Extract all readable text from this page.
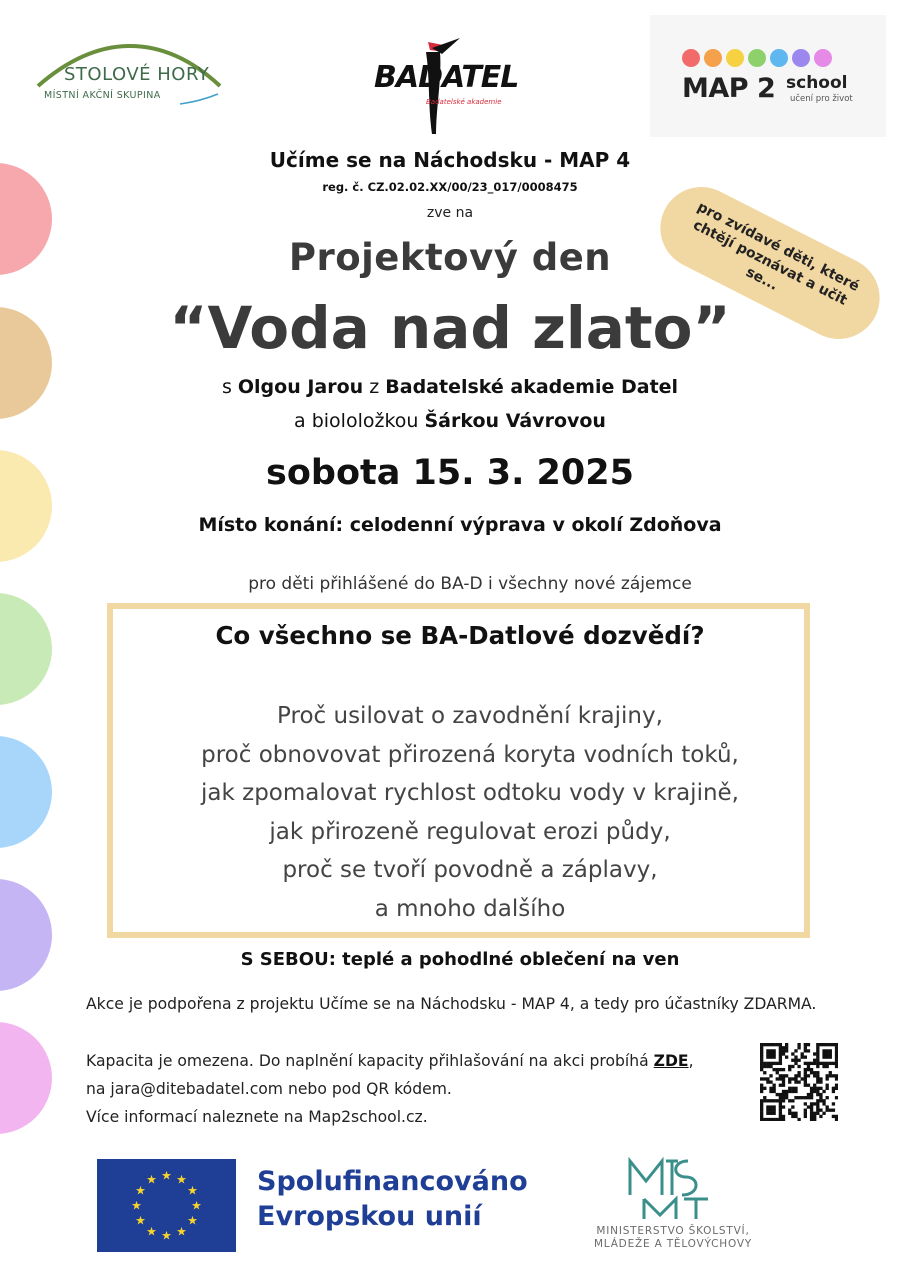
STOLOVÉ HORY
MÍSTNÍ AKČNÍ SKUPINA
BADATEL
Badatelské akademie	MAP 2 school
učení pro život
pro zvídavé děti, které chtějí poznávat a učit se...
Učíme se na Náchodsku - MAP 4
reg. č. CZ.02.02.XX/00/23_017/0008475
zve na
Projektový den
“Voda nad zlato”
s Olgou Jarou z Badatelské akademie Datel
a biololožkou Šárkou Vávrovou
sobota 15. 3. 2025
Místo konání: celodenní výprava v okolí Zdoňova
pro děti přihlášené do BA-D i všechny nové zájemce
Co všechno se BA-Datlové dozvědí?
Proč usilovat o zavodnění krajiny,
proč obnovovat přirozená koryta vodních toků,
jak zpomalovat rychlost odtoku vody v krajině,
jak přirozeně regulovat erozi půdy,
proč se tvoří povodně a záplavy,
a mnoho dalšího
S SEBOU: teplé a pohodlné oblečení na ven
Akce je podpořena z projektu Učíme se na Náchodsku - MAP 4, a tedy pro účastníky ZDARMA.
Kapacita je omezena. Do naplnění kapacity přihlašování na akci probíhá ZDE,
na jara@ditebadatel.com nebo pod QR kódem.
Více informací naleznete na Map2school.cz.
★ ★
★
★
★
★
★
★
★
★
★
★	Spolufinancováno
Evropskou unií	MINISTERSTVO ŠKOLSTVÍ,
MLÁDEŽE A TĚLOVÝCHOVY
